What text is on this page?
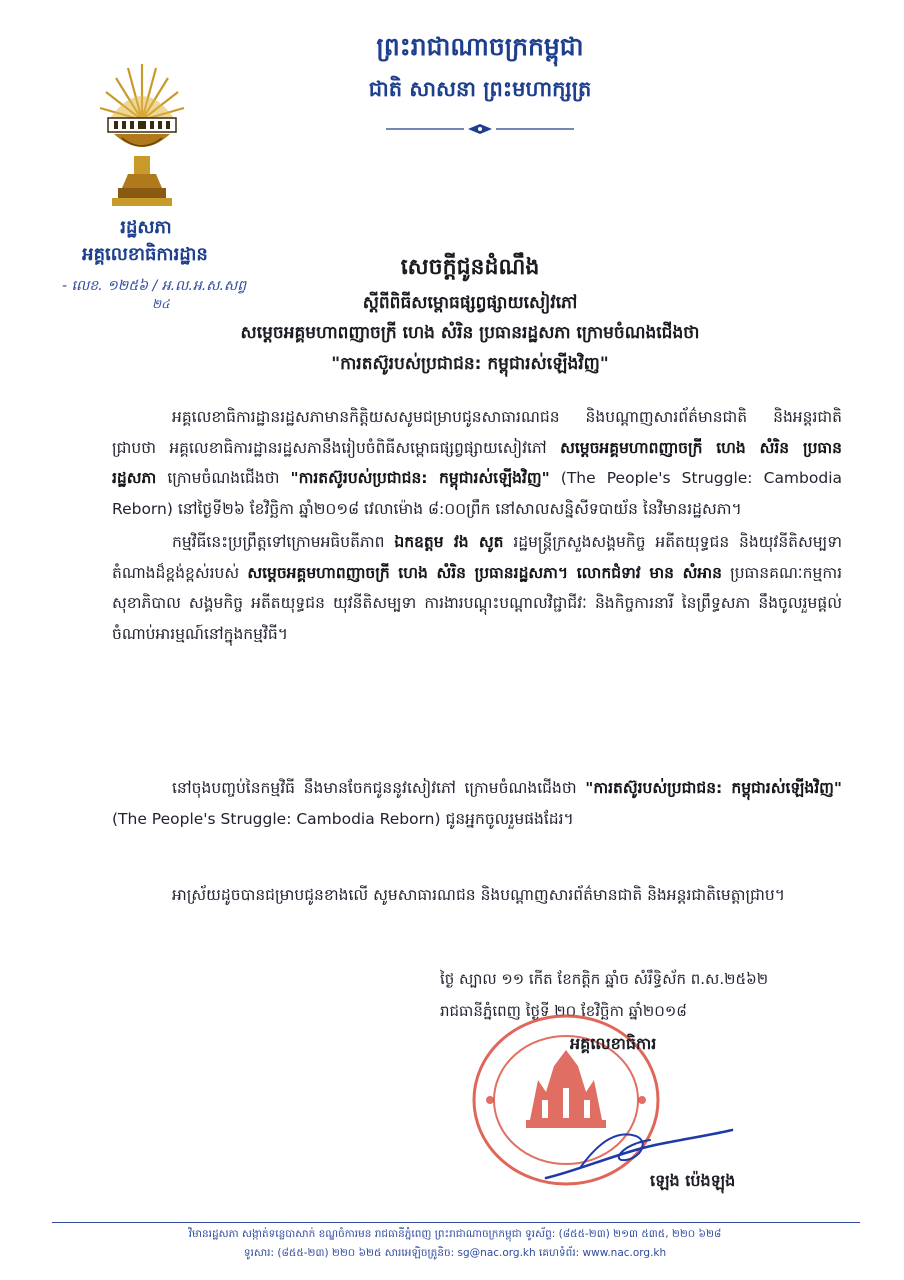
ព្រះរាជាណាចក្រកម្ពុជា
ជាតិ សាសនា ព្រះមហាក្សត្រ
រដ្ឋសភា
អគ្គលេខាធិការដ្ឋាន
- លេខ. ១២៥៦ / អ.ល.អ.ស.សព្វ
២៤
សេចក្តីជូនដំណឹង
ស្តីពីពិធីសម្ពោធផ្សព្វផ្សាយសៀវភៅ
សម្តេចអគ្គមហាពញាចក្រី ហេង សំរិន ប្រធានរដ្ឋសភា ក្រោមចំណងជើងថា
"ការតស៊ូរបស់ប្រជាជន: កម្ពុជារស់ឡើងវិញ"
អគ្គលេខាធិការដ្ឋានរដ្ឋសភាមានកិត្តិយសសូមជម្រាបជូនសាធារណជន និងបណ្តាញសារព័ត៌មានជាតិ និងអន្តរជាតិជ្រាបថា អគ្គលេខាធិការដ្ឋានរដ្ឋសភានឹងរៀបចំពិធីសម្ពោធផ្សព្វផ្សាយសៀវភៅ សម្តេចអគ្គមហាពញាចក្រី ហេង សំរិន ប្រធានរដ្ឋសភា ក្រោមចំណងជើងថា "ការតស៊ូរបស់ប្រជាជន: កម្ពុជារស់ឡើងវិញ" (The People's Struggle: Cambodia Reborn) នៅថ្ងៃទី២៦ ខែវិច្ឆិកា ឆ្នាំ២០១៨ វេលាម៉ោង ៨:០០ព្រឹក នៅសាលសន្និសីទបាយ័ន នៃវិមានរដ្ឋសភា។
កម្មវិធីនេះប្រព្រឹត្តទៅក្រោមអធិបតីភាព ឯកឧត្តម វង សូត រដ្ឋមន្ត្រីក្រសួងសង្គមកិច្ច អតីតយុទ្ធជន និងយុវនីតិសម្បទា តំណាងដ៏ខ្ពង់ខ្ពស់របស់ សម្តេចអគ្គមហាពញាចក្រី ហេង សំរិន ប្រធានរដ្ឋសភា។ លោកជំទាវ មាន សំអាន ប្រធានគណៈកម្មការសុខាភិបាល សង្គមកិច្ច អតីតយុទ្ធជន យុវនីតិសម្បទា ការងារបណ្តុះបណ្តាលវិជ្ជាជីវៈ និងកិច្ចការនារី នៃព្រឹទ្ធសភា នឹងចូលរួមផ្តល់ចំណាប់អារម្មណ៍នៅក្នុងកម្មវិធី។
នៅចុងបញ្ចប់នៃកម្មវិធី នឹងមានចែកជូននូវសៀវភៅ ក្រោមចំណងជើងថា "ការតស៊ូរបស់ប្រជាជន: កម្ពុជារស់ឡើងវិញ" (The People's Struggle: Cambodia Reborn) ជូនអ្នកចូលរួមផងដែរ។
អាស្រ័យដូចបានជម្រាបជូនខាងលើ សូមសាធារណជន និងបណ្តាញសារព័ត៌មានជាតិ និងអន្តរជាតិមេត្តាជ្រាប។
ថ្ងៃ ស្បាល ១១ កើត ខែកត្តិក ឆ្នាំច សំរឹទ្ធិស័ក ព.ស.២៥៦២
រាជធានីភ្នំពេញ ថ្ងៃទី ២០ ខែវិច្ឆិកា ឆ្នាំ២០១៨
អគ្គលេខាធិការ
ឡេង ប៉េងឡុង
វិមានរដ្ឋសភា សង្កាត់ទន្លេបាសាក់ ខណ្ឌចំការមន រាជធានីភ្នំពេញ ព្រះរាជាណាចក្រកម្ពុជា ទូរស័ព្ទ: (៨៥៥-២៣) ២១៣ ៥៣៥, ២២០ ៦២៨
ទូរសារ: (៨៥៥-២៣) ២២០ ៦២៥ សារអេឡិចត្រូនិច: sg@nac.org.kh គេហទំព័រ: www.nac.org.kh
